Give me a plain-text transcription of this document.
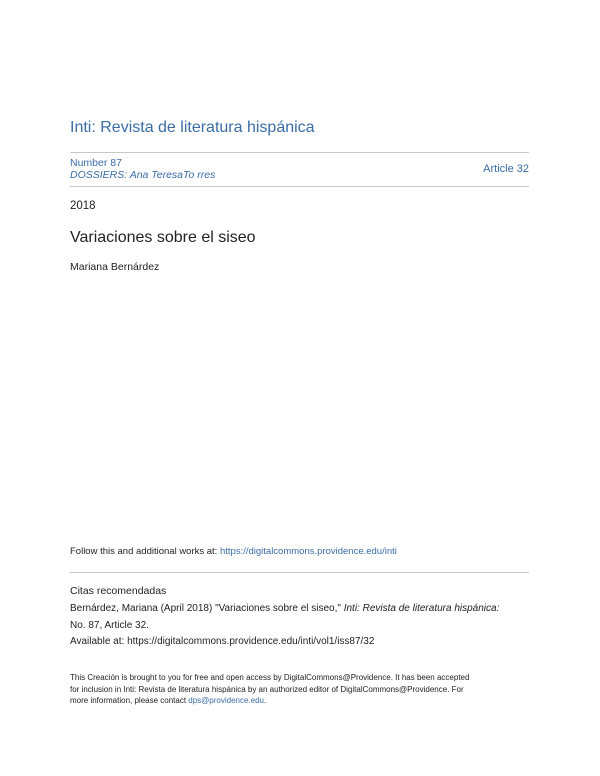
Inti: Revista de literatura hispánica
Number 87
DOSSIERS: Ana TeresaTo rres	Article 32
2018
Variaciones sobre el siseo
Mariana Bernárdez
Follow this and additional works at: https://digitalcommons.providence.edu/inti
Citas recomendadas
Bernárdez, Mariana (April 2018) "Variaciones sobre el siseo," Inti: Revista de literatura hispánica:
No. 87, Article 32.
Available at: https://digitalcommons.providence.edu/inti/vol1/iss87/32
This Creación is brought to you for free and open access by DigitalCommons@Providence. It has been accepted
for inclusion in Inti: Revista de literatura hispánica by an authorized editor of DigitalCommons@Providence. For
more information, please contact dps@providence.edu.
